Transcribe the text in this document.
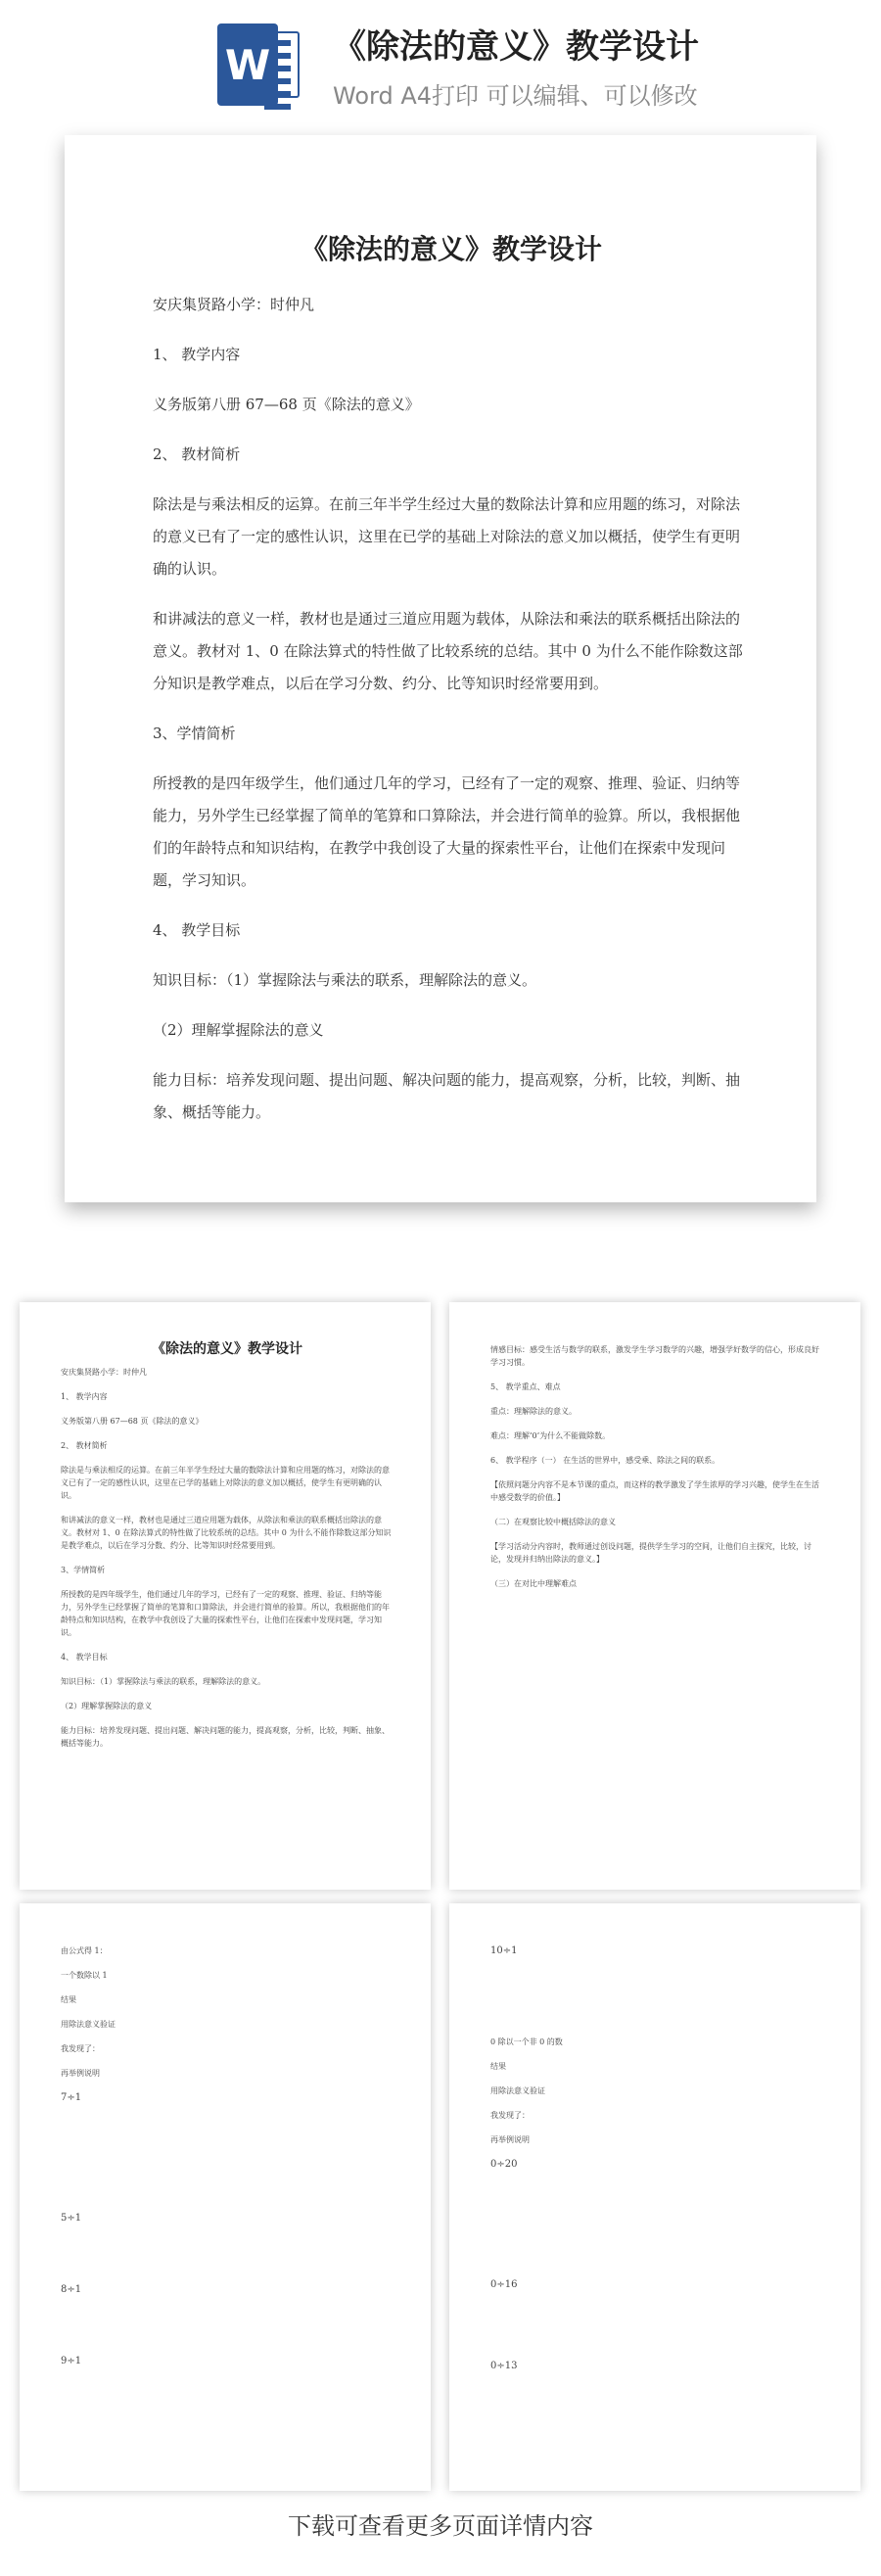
W 《除法的意义》教学设计
Word A4打印 可以编辑、可以修改
《除法的意义》教学设计
安庆集贤路小学：时仲凡
1、 教学内容
义务版第八册 67—68 页《除法的意义》
2、 教材简析
除法是与乘法相反的运算。在前三年半学生经过大量的数除法计算和应用题的练习，对除法的意义已有了一定的感性认识，这里在已学的基础上对除法的意义加以概括，使学生有更明确的认识。
和讲减法的意义一样，教材也是通过三道应用题为载体，从除法和乘法的联系概括出除法的意义。教材对 1、0 在除法算式的特性做了比较系统的总结。其中 0 为什么不能作除数这部分知识是教学难点，以后在学习分数、约分、比等知识时经常要用到。
3、学情简析
所授教的是四年级学生，他们通过几年的学习，已经有了一定的观察、推理、验证、归纳等能力，另外学生已经掌握了简单的笔算和口算除法，并会进行简单的验算。所以，我根据他们的年龄特点和知识结构，在教学中我创设了大量的探索性平台，让他们在探索中发现问题，学习知识。
4、 教学目标
知识目标：（1）掌握除法与乘法的联系，理解除法的意义。
（2）理解掌握除法的意义
能力目标：培养发现问题、提出问题、解决问题的能力，提高观察，分析，比较，判断、抽象、概括等能力。
《除法的意义》教学设计
安庆集贤路小学：时仲凡
1、 教学内容
义务版第八册 67—68 页《除法的意义》
2、 教材简析
除法是与乘法相反的运算。在前三年半学生经过大量的数除法计算和应用题的练习，对除法的意义已有了一定的感性认识，这里在已学的基础上对除法的意义加以概括，使学生有更明确的认识。
和讲减法的意义一样，教材也是通过三道应用题为载体，从除法和乘法的联系概括出除法的意义。教材对 1、0 在除法算式的特性做了比较系统的总结。其中 0 为什么不能作除数这部分知识是教学难点，以后在学习分数、约分、比等知识时经常要用到。
3、学情简析
所授教的是四年级学生，他们通过几年的学习，已经有了一定的观察、推理、验证、归纳等能力，另外学生已经掌握了简单的笔算和口算除法，并会进行简单的验算。所以，我根据他们的年龄特点和知识结构，在教学中我创设了大量的探索性平台，让他们在探索中发现问题，学习知识。
4、 教学目标
知识目标：（1）掌握除法与乘法的联系，理解除法的意义。
（2）理解掌握除法的意义
能力目标：培养发现问题、提出问题、解决问题的能力，提高观察，分析，比较，判断、抽象、概括等能力。
情感目标：感受生活与数学的联系，激发学生学习数学的兴趣，增强学好数学的信心，形成良好学习习惯。
5、 教学重点、难点
重点：理解除法的意义。
难点：理解‘0’为什么不能做除数。
6、 教学程序（一） 在生活的世界中，感受乘、除法之间的联系。
【依照问题分内容不是本节课的重点，而这样的教学激发了学生浓厚的学习兴趣，使学生在生活中感受数学的价值。】
（二）在观察比较中概括除法的意义
【学习活动分内容时，教师通过创设问题，提供学生学习的空间，让他们自主探究，比较，讨论，发现并归纳出除法的意义。】
（三）在对比中理解难点
由公式得 1：
一个数除以 1
结果
用除法意义验证
我发现了：
再举例说明
7÷1
5÷1
8÷1
9÷1
10÷1
0 除以一个非 0 的数
结果
用除法意义验证
我发现了：
再举例说明
0÷20
0÷16
0÷13
下载可查看更多页面详情内容
